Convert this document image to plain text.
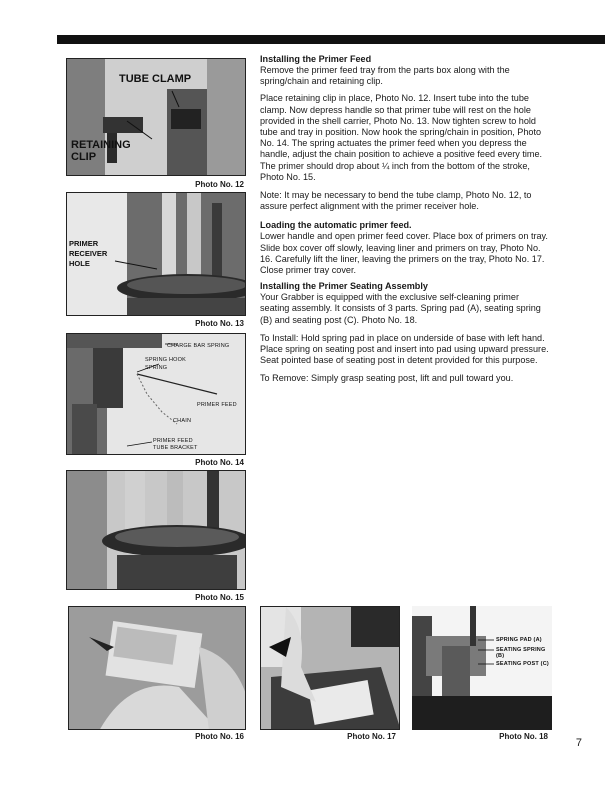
TUBE CLAMP
RETAINING
CLIP
Photo No. 12
PRIMER
RECEIVER
HOLE
Photo No. 13
CHARGE BAR SPRING
SPRING HOOK
SPRING
PRIMER FEED
CHAIN
PRIMER FEED
TUBE BRACKET
Photo No. 14
Photo No. 15
Photo No. 16	Photo No. 17
SPRING PAD (A)
SEATING SPRING (B)
SEATING POST (C)
Photo No. 18
Installing the Primer Feed

Remove the primer feed tray from the parts box along with the spring/chain and retaining clip.

Place retaining clip in place, Photo No. 12. Insert tube into the tube clamp. Now depress handle so that primer tube will rest on the hole provided in the shell carrier, Photo No. 13. Now tighten screw to hold tube and tray in position. Now hook the spring/chain in position, Photo No. 14. The spring actuates the primer feed when you depress the handle, adjust the chain position to achieve a positive feed every time. The primer should drop about ¼ inch from the bottom of the stroke, Photo No. 15.

Note: It may be necessary to bend the tube clamp, Photo No. 12, to assure perfect alignment with the primer receiver hole.

Loading the automatic primer feed.

Lower handle and open primer feed cover. Place box of primers on tray. Slide box cover off slowly, leaving liner and primers on tray, Photo No. 16. Carefully lift the liner, leaving the primers on the tray, Photo No. 17. Close primer tray cover.

Installing the Primer Seating Assembly

Your Grabber is equipped with the exclusive self-cleaning primer seating assembly. It consists of 3 parts. Spring pad (A), seating spring (B) and seating post (C). Photo No. 18.

To Install: Hold spring pad in place on underside of base with left hand. Place spring on seating post and insert into pad using upward pressure. Seat pointed base of seating post in detent provided for this purpose.

To Remove: Simply grasp seating post, lift and pull toward you.

7
